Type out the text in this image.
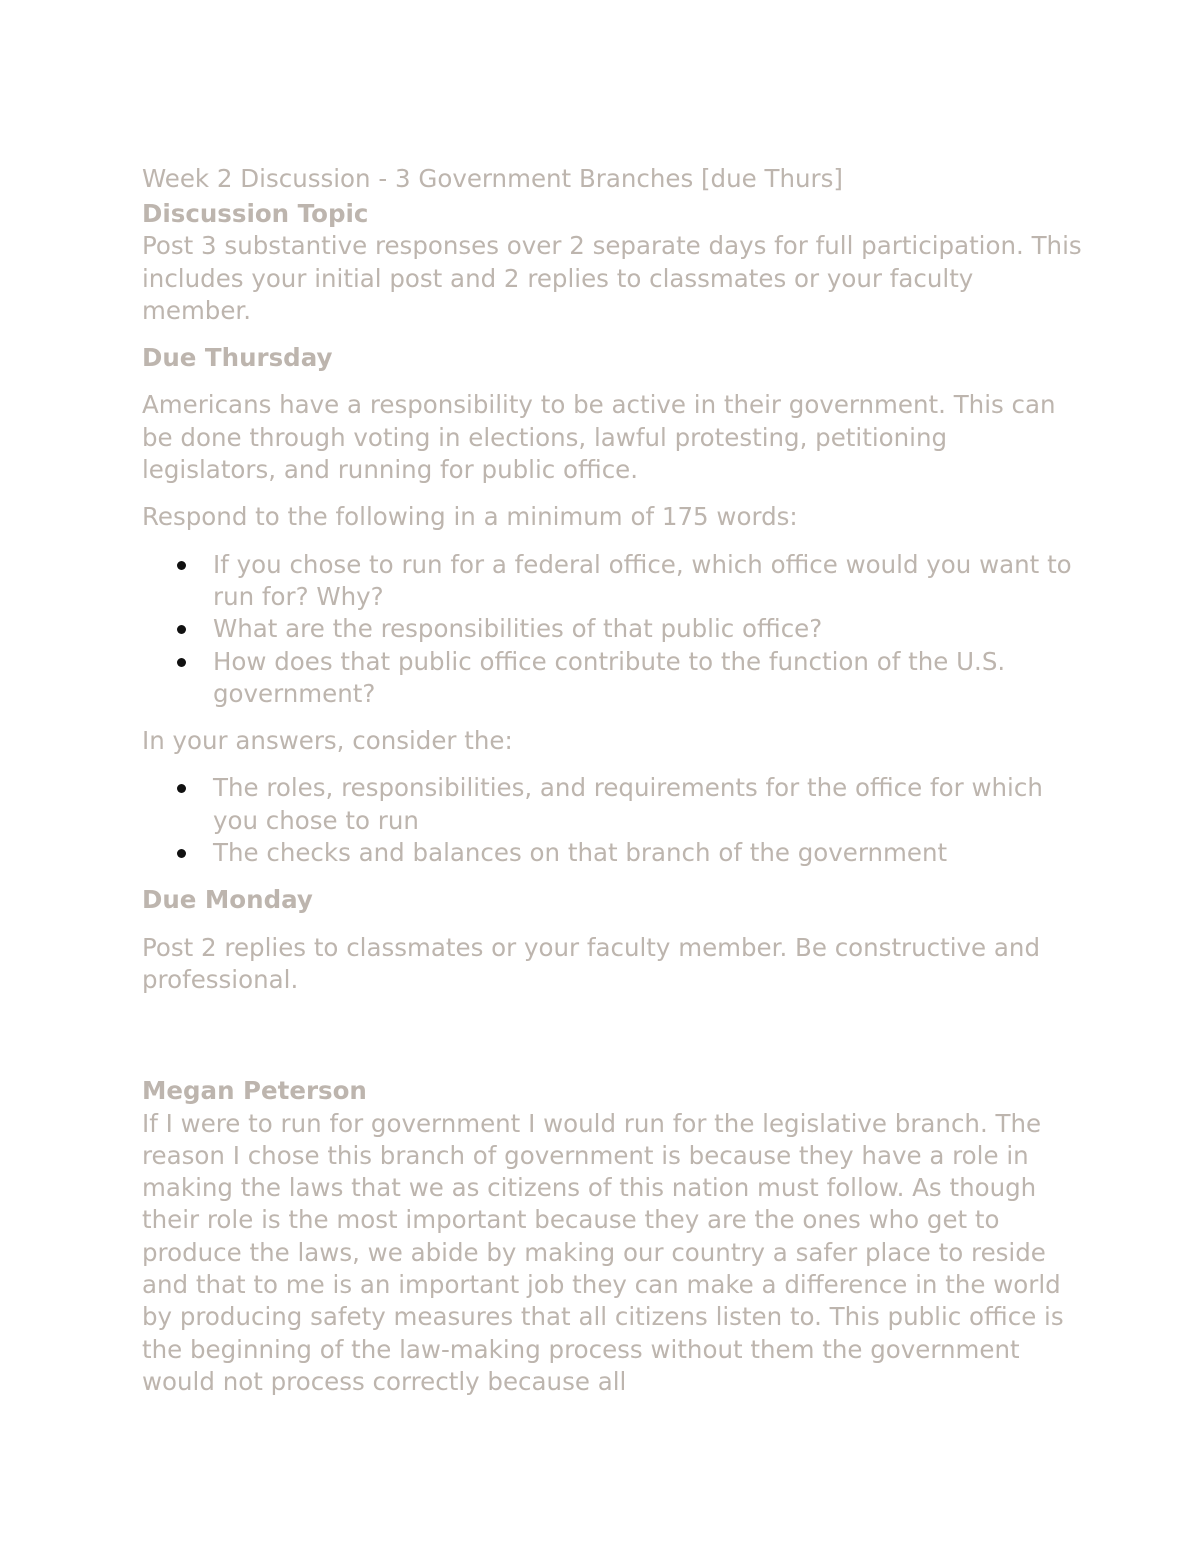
Week 2 Discussion - 3 Government Branches [due Thurs]

Discussion Topic

Post 3 substantive responses over 2 separate days for full participation. This includes your initial post and 2 replies to classmates or your faculty member.

Due Thursday

Americans have a responsibility to be active in their government. This can be done through voting in elections, lawful protesting, petitioning legislators, and running for public office.

Respond to the following in a minimum of 175 words:

If you chose to run for a federal office, which office would you want to run for? Why?
What are the responsibilities of that public office?
How does that public office contribute to the function of the U.S. government?

In your answers, consider the:

The roles, responsibilities, and requirements for the office for which you chose to run
The checks and balances on that branch of the government

Due Monday

Post 2 replies to classmates or your faculty member. Be constructive and professional.

Megan Peterson

If I were to run for government I would run for the legislative branch. The reason I chose this branch of government is because they have a role in making the laws that we as citizens of this nation must follow. As though their role is the most important because they are the ones who get to produce the laws, we abide by making our country a safer place to reside and that to me is an important job they can make a difference in the world by producing safety measures that all citizens listen to. This public office is the beginning of the law-making process without them the government would not process correctly because all
